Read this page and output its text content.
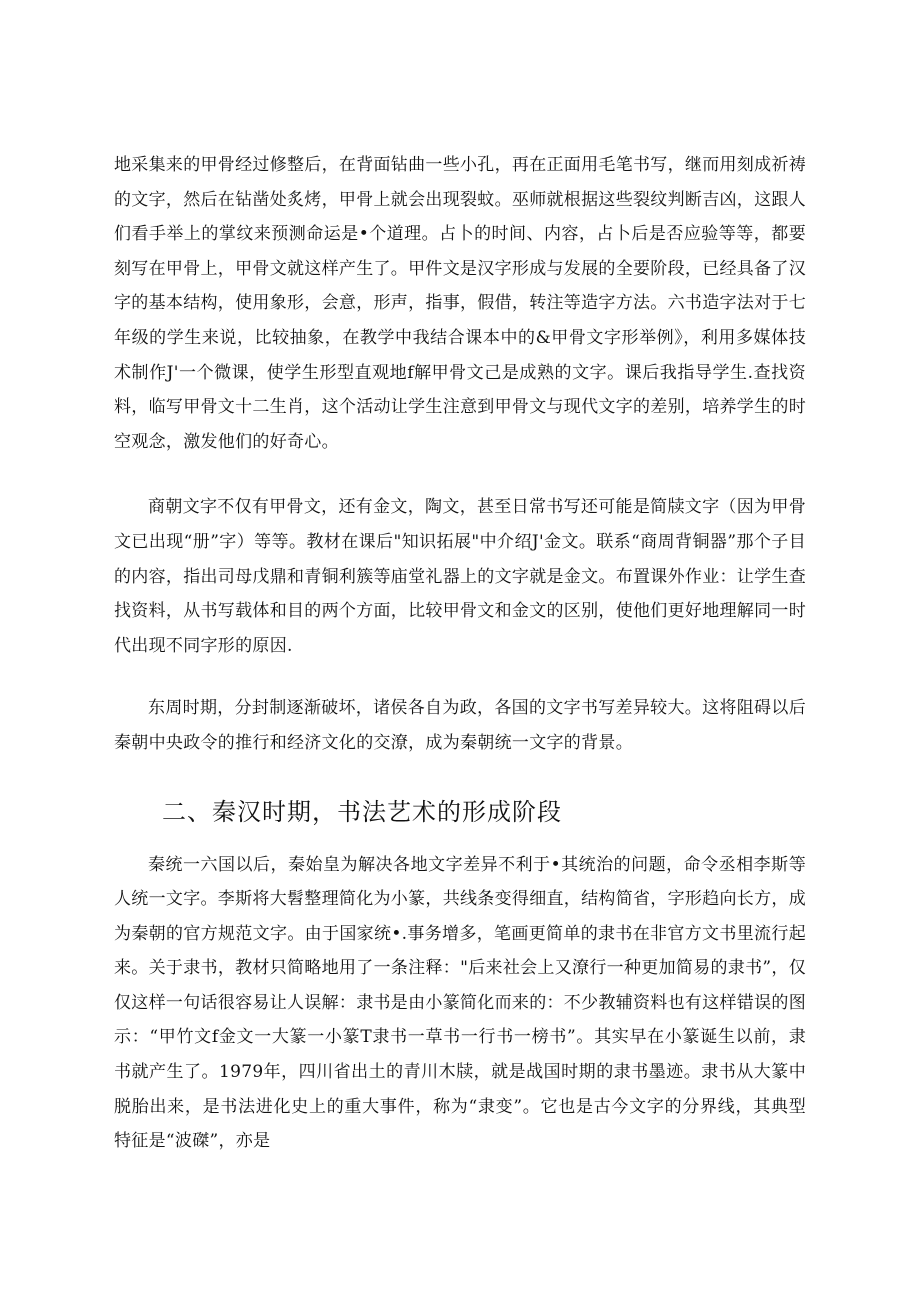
地采集来的甲骨经过修整后，在背面钻曲一些小孔，再在正面用毛笔书写，继而用刻成祈祷的文字，然后在钻凿处炙烤，甲骨上就会出现裂蚊。巫师就根据这些裂纹判断吉凶，这跟人们看手举上的掌纹来预测命运是•个道理。占卜的时间、内容，占卜后是否应验等等，都要刻写在甲骨上，甲骨文就这样产生了。甲件文是汉字形成与发展的全要阶段，已经具备了汉字的基本结构，使用象形，会意，形声，指事，假借，转注等造字方法。六书造字法对于七年级的学生来说，比较抽象，在教学中我结合课本中的&甲骨文字形举例》，利用多媒体技术制作J'一个微课，使学生形型直观地f解甲骨文己是成熟的文字。课后我指导学生.查找资料，临写甲骨文十二生肖，这个活动让学生注意到甲骨文与现代文字的差别，培养学生的时空观念，激发他们的好奇心。

商朝文字不仅有甲骨文，还有金文，陶文，甚至日常书写还可能是简牍文字（因为甲骨文已出现“册”字）等等。教材在课后"知识拓展"中介绍J'金文。联系“商周背铜器”那个子目的内容，指出司母戊鼎和青铜利簇等庙堂礼器上的文字就是金文。布置课外作业：让学生查找资料，从书写载体和目的两个方面，比较甲骨文和金文的区别，使他们更好地理解同一时代出现不同字形的原因.

东周时期，分封制逐渐破坏，诸侯各自为政，各国的文字书写差异较大。这将阻碍以后秦朝中央政令的推行和经济文化的交潦，成为秦朝统一文字的背景。

二、秦汉时期，书法艺术的形成阶段

秦统一六国以后，秦始皇为解决各地文字差异不利于•其统治的问题，命令丞相李斯等人统一文字。李斯将大髫整理简化为小篆，共线条变得细直，结构简省，字形趋向长方，成为秦朝的官方规范文字。由于国家统•.事务增多，笔画更简单的隶书在非官方文书里流行起来。关于隶书，教材只简略地用了一条注释："后来社会上又潦行一种更加简易的隶书”，仅仅这样一句话很容易让人误解：隶书是由小篆简化而来的：不少教辅资料也有这样错误的图示：“甲竹文f金文一大篆一小篆T隶书一草书一行书一榜书”。其实早在小篆诞生以前，隶书就产生了。1979年，四川省出土的青川木牍，就是战国时期的隶书墨迹。隶书从大篆中脱胎出来，是书法进化史上的重大事件，称为“隶变”。它也是古今文字的分界线，其典型特征是“波磔”，亦是
